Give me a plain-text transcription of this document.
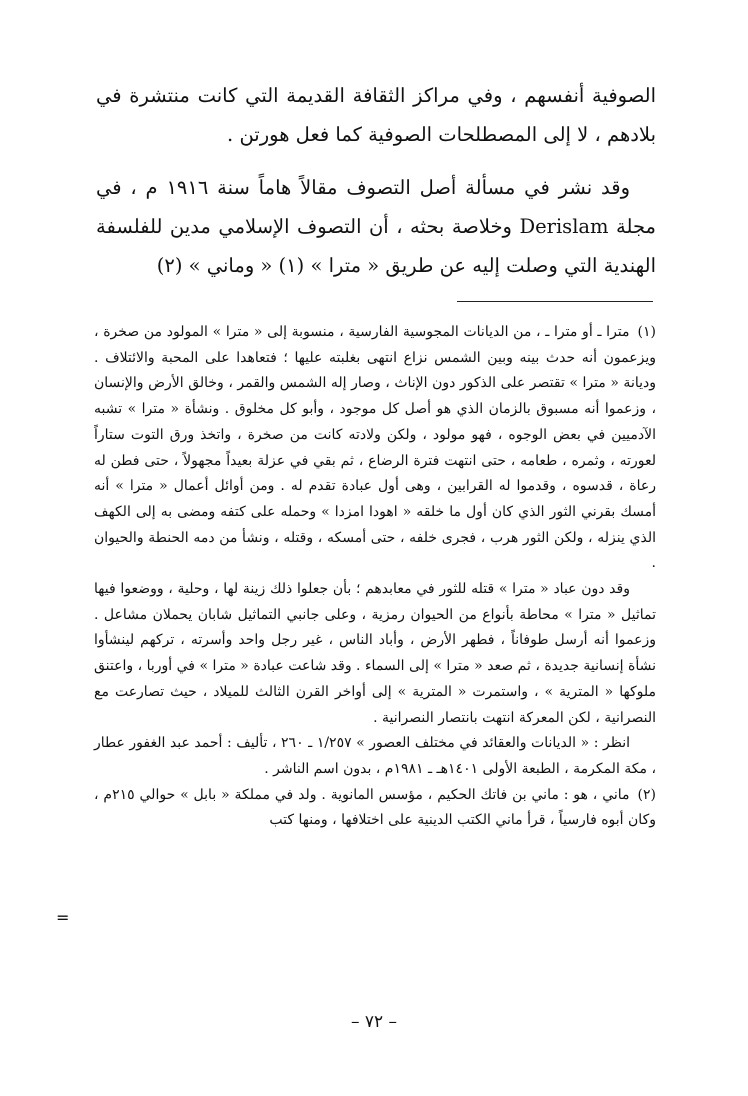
الصوفية أنفسهم ، وفي مراكز الثقافة القديمة التي كانت منتشرة في بلادهم ، لا إلى المصطلحات الصوفية كما فعل هورتن .

وقد نشر في مسألة أصل التصوف مقالاً هاماً سنة ١٩١٦ م ، في مجلة Derislam وخلاصة بحثه ، أن التصوف الإسلامي مدين للفلسفة الهندية التي وصلت إليه عن طريق « مترا » (١) « وماني » (٢)

(١)مترا ـ أو مترا ـ ، من الديانات المجوسية الفارسية ، منسوبة إلى « مترا » المولود من صخرة ، ويزعمون أنه حدث بينه وبين الشمس نزاع انتهى بغلبته عليها ؛ فتعاهدا على المحبة والائتلاف . وديانة « مترا » تقتصر على الذكور دون الإناث ، وصار إله الشمس والقمر ، وخالق الأرض والإنسان ، وزعموا أنه مسبوق بالزمان الذي هو أصل كل موجود ، وأبو كل مخلوق . ونشأة « مترا » تشبه الآدميين في بعض الوجوه ، فهو مولود ، ولكن ولادته كانت من صخرة ، واتخذ ورق التوت ستاراً لعورته ، وثمره ، طعامه ، حتى انتهت فترة الرضاع ، ثم بقي في عزلة بعيداً مجهولاً ، حتى فطن له رعاة ، قدسوه ، وقدموا له القرابين ، وهى أول عبادة تقدم له . ومن أوائل أعمال « مترا » أنه أمسك بقرني الثور الذي كان أول ما خلقه « اهودا امزدا » وحمله على كتفه ومضى به إلى الكهف الذي ينزله ، ولكن الثور هرب ، فجرى خلفه ، حتى أمسكه ، وقتله ، ونشأ من دمه الحنطة والحيوان .

وقد دون عباد « مترا » قتله للثور في معابدهم ؛ بأن جعلوا ذلك زينة لها ، وحلية ، ووضعوا فيها تماثيل « مترا » محاطة بأنواع من الحيوان رمزية ، وعلى جانبي التماثيل شابان يحملان مشاعل . وزعموا أنه أرسل طوفاناً ، فطهر الأرض ، وأباد الناس ، غير رجل واحد وأسرته ، تركهم لينشأوا نشأة إنسانية جديدة ، ثم صعد « مترا » إلى السماء . وقد شاعت عبادة « مترا » في أوربا ، واعتنق ملوكها « المترية » ، واستمرت « المترية » إلى أواخر القرن الثالث للميلاد ، حيث تصارعت مع النصرانية ، لكن المعركة انتهت بانتصار النصرانية .

انظر : « الديانات والعقائد في مختلف العصور » ١/٢٥٧ ـ ٢٦٠ ، تأليف : أحمد عبد الغفور عطار ، مكة المكرمة ، الطبعة الأولى ١٤٠١هـ ـ ١٩٨١م ، بدون اسم الناشر .

(٢)ماني ، هو : ماني بن فاتك الحكيم ، مؤسس المانوية . ولد في مملكة « بابل » حوالي ٢١٥م ، وكان أبوه فارسياً ، قرأ ماني الكتب الدينية على اختلافها ، ومنها كتب

=
– ٧٢ –
